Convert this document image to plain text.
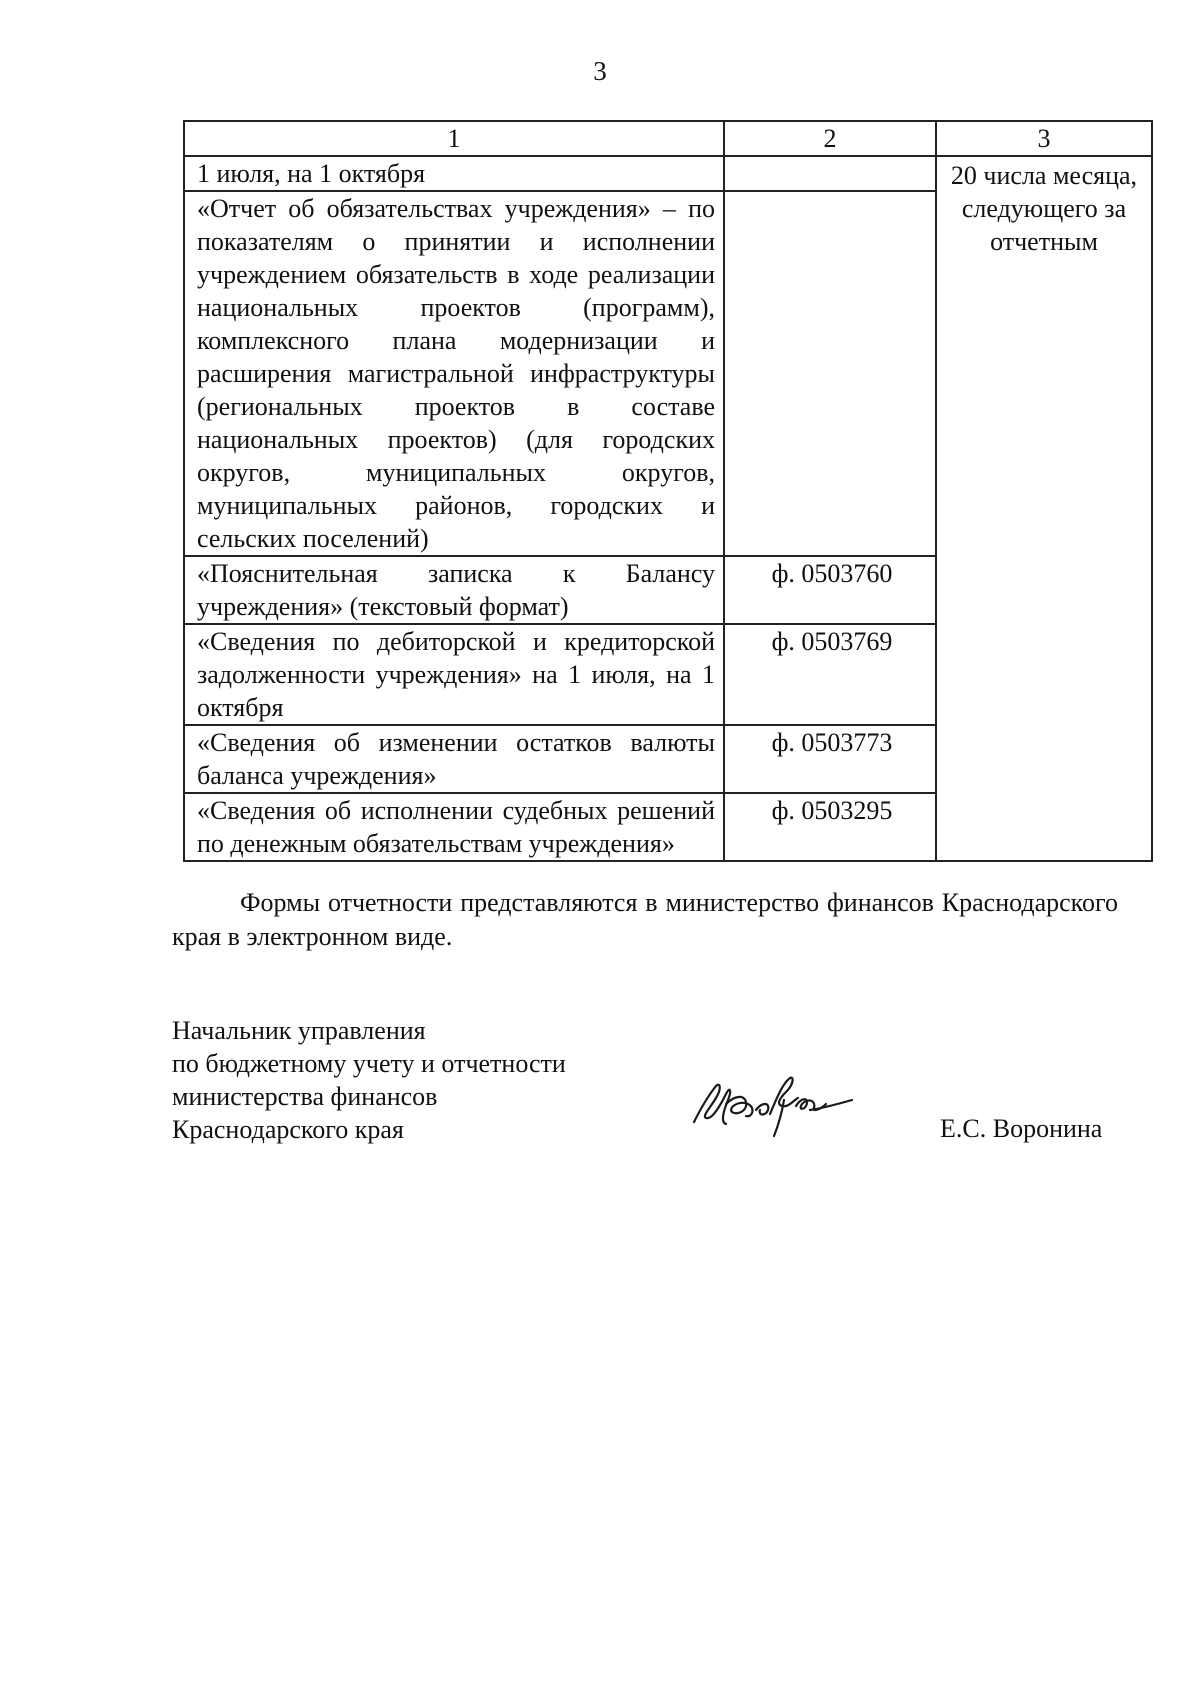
3
1	2	3
1 июля, на 1 октября		20 числа месяца, следующего за отчетным
«Отчет об обязательствах учреждения» – по показателям о принятии и исполнении учреждением обязательств в ходе реализации национальных проектов (программ), комплексного плана модернизации и расширения магистральной инфраструктуры (региональных проектов в составе национальных проектов) (для городских округов, муниципальных округов, муниципальных районов, городских и сельских поселений)		
«Пояснительная записка к Балансу учреждения» (текстовый формат)	ф. 0503760	
«Сведения по дебиторской и кредиторской задолженности учреждения» на 1 июля, на 1 октября	ф. 0503769	
«Сведения об изменении остатков валюты баланса учреждения»	ф. 0503773	
«Сведения об исполнении судебных решений по денежным обязательствам учреждения»	ф. 0503295	

Формы отчетности представляются в министерство финансов Краснодарского края в электронном виде.

Начальник управления
по бюджетному учету и отчетности
министерства финансов
Краснодарского края	Е.С. Воронина
